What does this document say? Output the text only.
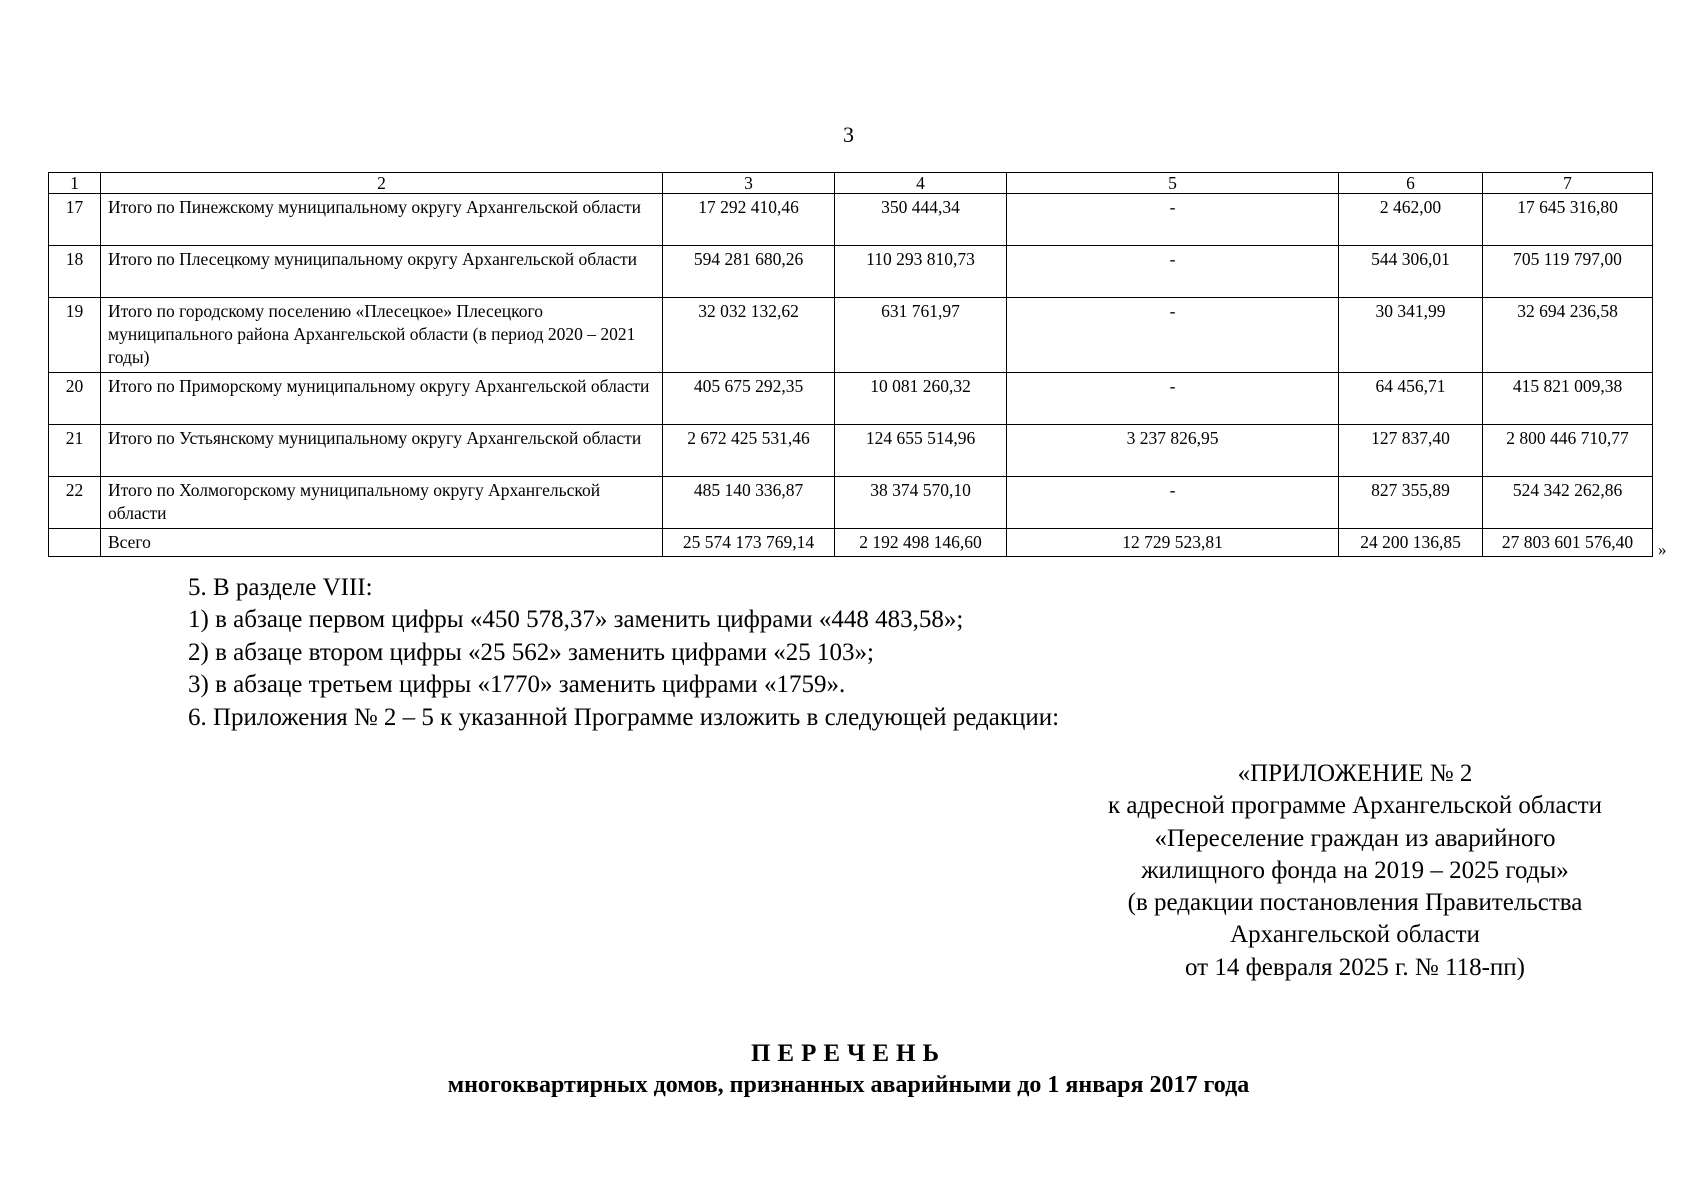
3
1	2	3	4	5	6	7
17	Итого по Пинежскому муниципальному округу Архангельской области	17 292 410,46	350 444,34	-	2 462,00	17 645 316,80
18	Итого по Плесецкому муниципальному округу Архангельской области	594 281 680,26	110 293 810,73	-	544 306,01	705 119 797,00
19	Итого по городскому поселению «Плесецкое» Плесецкого муниципального района Архангельской области (в период 2020 – 2021 годы)	32 032 132,62	631 761,97	-	30 341,99	32 694 236,58
20	Итого по Приморскому муниципальному округу Архангельской области	405 675 292,35	10 081 260,32	-	64 456,71	415 821 009,38
21	Итого по Устьянскому муниципальному округу Архангельской области	2 672 425 531,46	124 655 514,96	3 237 826,95	127 837,40	2 800 446 710,77
22	Итого по Холмогорскому муниципальному округу Архангельской области	485 140 336,87	38 374 570,10	-	827 355,89	524 342 262,86
	Всего	25 574 173 769,14	2 192 498 146,60	12 729 523,81	24 200 136,85	27 803 601 576,40 »
5. В разделе VIII:
1) в абзаце первом цифры «450 578,37» заменить цифрами «448 483,58»;
2) в абзаце втором цифры «25 562» заменить цифрами «25 103»;
3) в абзаце третьем цифры «1770» заменить цифрами «1759».
6. Приложения № 2 – 5 к указанной Программе изложить в следующей редакции:
«ПРИЛОЖЕНИЕ № 2
к адресной программе Архангельской области
«Переселение граждан из аварийного
жилищного фонда на 2019 – 2025 годы»
(в редакции постановления Правительства
Архангельской области
от 14 февраля 2025 г. № 118-пп)
ПЕРЕЧЕНЬ
многоквартирных домов, признанных аварийными до 1 января 2017 года
